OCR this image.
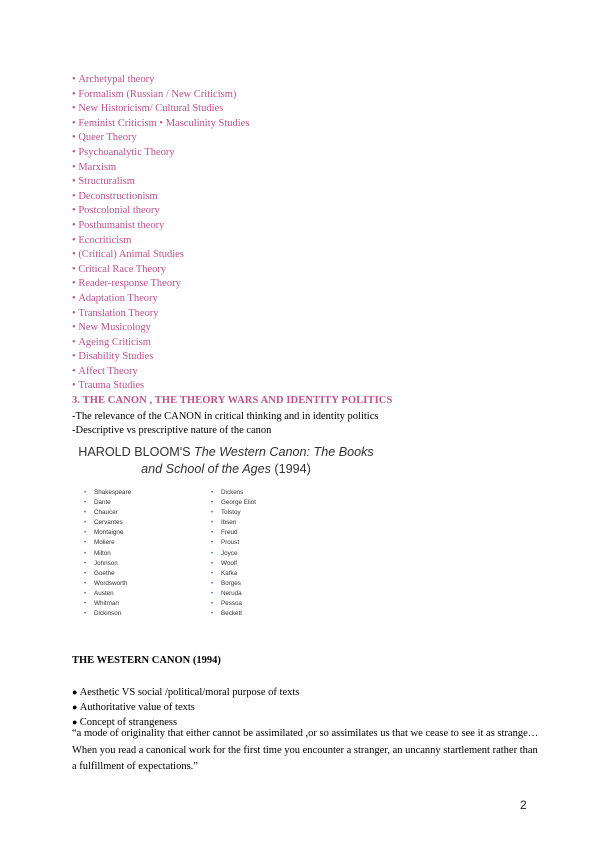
• Archetypal theory
• Formalism (Russian / New Criticism)
• New Historicism/ Cultural Studies
• Feminist Criticism • Masculinity Studies
• Queer Theory
• Psychoanalytic Theory
• Marxism
• Structuralism
• Deconstructionism
• Postcolonial theory
• Posthumanist theory
• Ecocriticism
• (Critical) Animal Studies
• Critical Race Theory
• Reader-response Theory
• Adaptation Theory
• Translation Theory
• New Musicology
• Ageing Criticism
• Disability Studies
• Affect Theory
• Trauma Studies

3. THE CANON , THE THEORY WARS AND IDENTITY POLITICS

-The relevance of the CANON in critical thinking and in identity politics
-Descriptive vs prescriptive nature of the canon

HAROLD BLOOM'S The Western Canon: The Books and School of the Ages (1994)

• Shakespeare
• Dante
• Chaucer
• Cervantes
• Montaigne
• Moliere
• Milton
• Johnson
• Goethe
• Wordsworth
• Austen
• Whitman
• Dickinson
• Dickens
• George Eliot
• Tolstoy
• Ibsen
• Freud
• Proust
• Joyce
• Woolf
• Kafka
• Borges
• Neruda
• Pessoa
• Beckett

THE WESTERN CANON (1994)

● Aesthetic VS social /political/moral purpose of texts
● Authoritative value of texts
● Concept of strangeness

“a mode of originality that either cannot be assimilated ,or so assimilates us that we cease to see it as strange… When you read a canonical work for the first time you encounter a stranger, an uncanny startlement rather than a fulfillment of expectations.”

2
